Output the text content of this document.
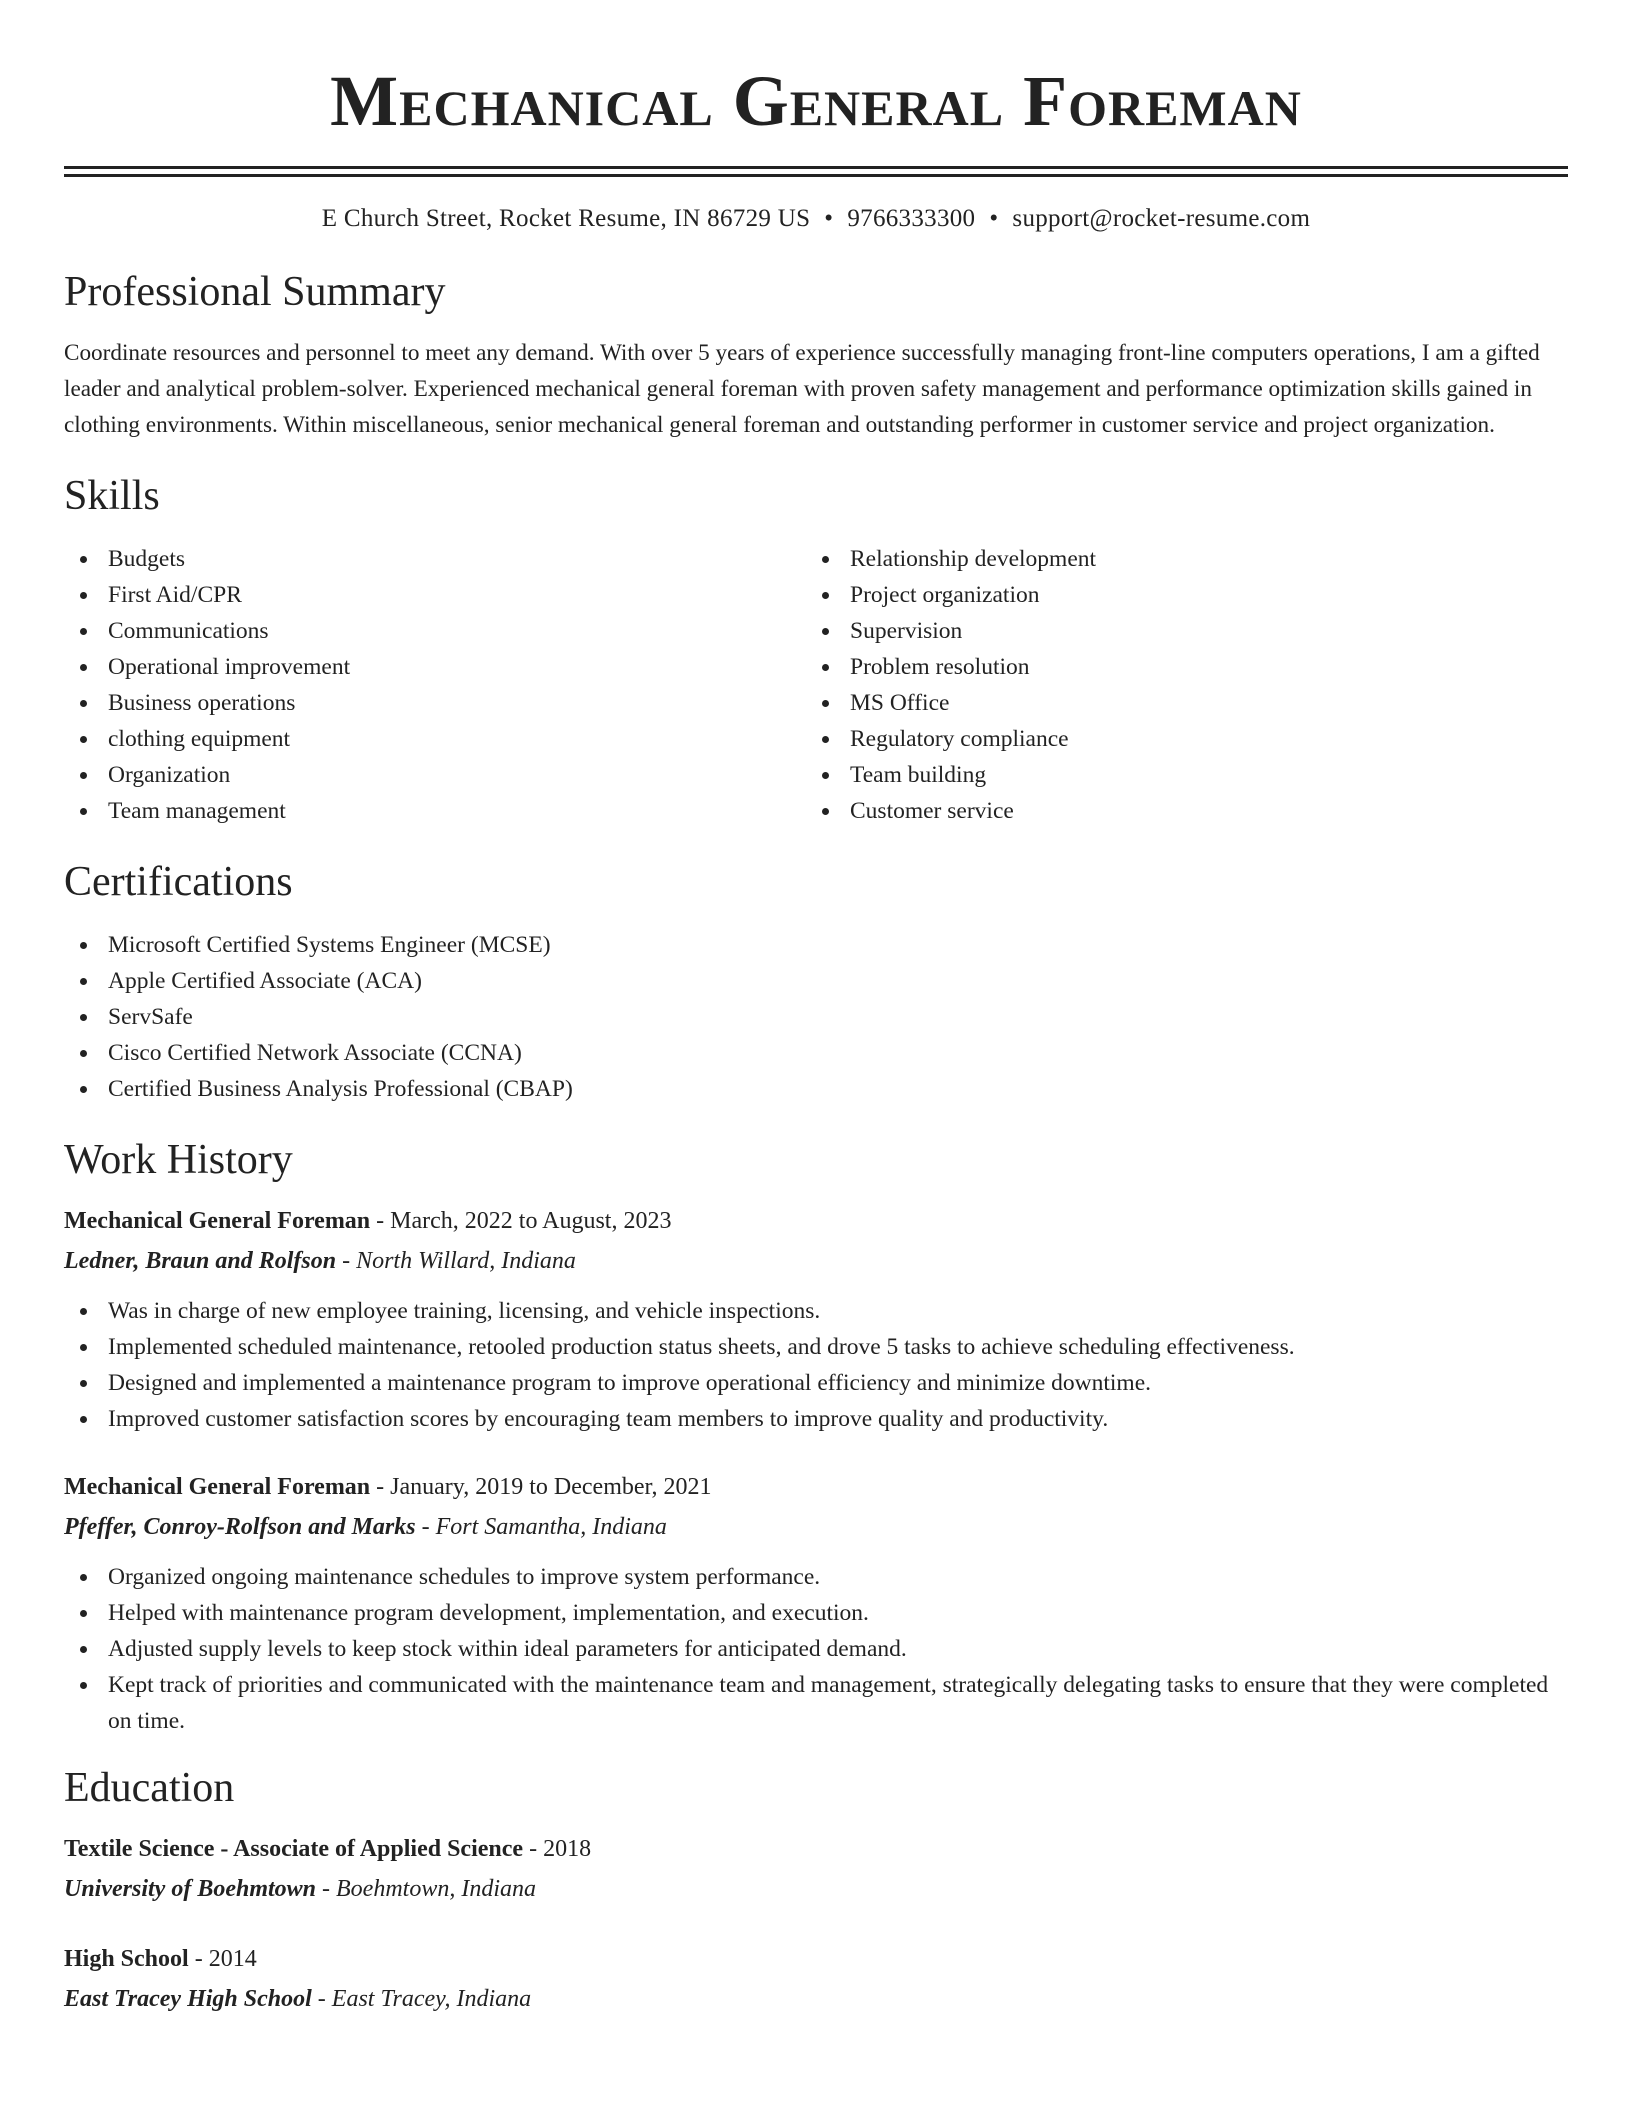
Mechanical General Foreman
E Church Street, Rocket Resume, IN 86729 US • 9766333300 • support@rocket-resume.com
Professional Summary

Coordinate resources and personnel to meet any demand. With over 5 years of experience successfully managing front-line computers operations, I am a gifted leader and analytical problem-solver. Experienced mechanical general foreman with proven safety management and performance optimization skills gained in clothing environments. Within miscellaneous, senior mechanical general foreman and outstanding performer in customer service and project organization.

Skills
Budgets
First Aid/CPR
Communications
Operational improvement
Business operations
clothing equipment
Organization
Team management
Relationship development
Project organization
Supervision
Problem resolution
MS Office
Regulatory compliance
Team building
Customer service
Certifications
Microsoft Certified Systems Engineer (MCSE)
Apple Certified Associate (ACA)
ServSafe
Cisco Certified Network Associate (CCNA)
Certified Business Analysis Professional (CBAP)
Work History
Mechanical General Foreman - March, 2022 to August, 2023
Ledner, Braun and Rolfson - North Willard, Indiana
Was in charge of new employee training, licensing, and vehicle inspections.
Implemented scheduled maintenance, retooled production status sheets, and drove 5 tasks to achieve scheduling effectiveness.
Designed and implemented a maintenance program to improve operational efficiency and minimize downtime.
Improved customer satisfaction scores by encouraging team members to improve quality and productivity.
Mechanical General Foreman - January, 2019 to December, 2021
Pfeffer, Conroy-Rolfson and Marks - Fort Samantha, Indiana
Organized ongoing maintenance schedules to improve system performance.
Helped with maintenance program development, implementation, and execution.
Adjusted supply levels to keep stock within ideal parameters for anticipated demand.
Kept track of priorities and communicated with the maintenance team and management, strategically delegating tasks to ensure that they were completed on time.
Education
Textile Science - Associate of Applied Science - 2018
University of Boehmtown - Boehmtown, Indiana
High School - 2014
East Tracey High School - East Tracey, Indiana
